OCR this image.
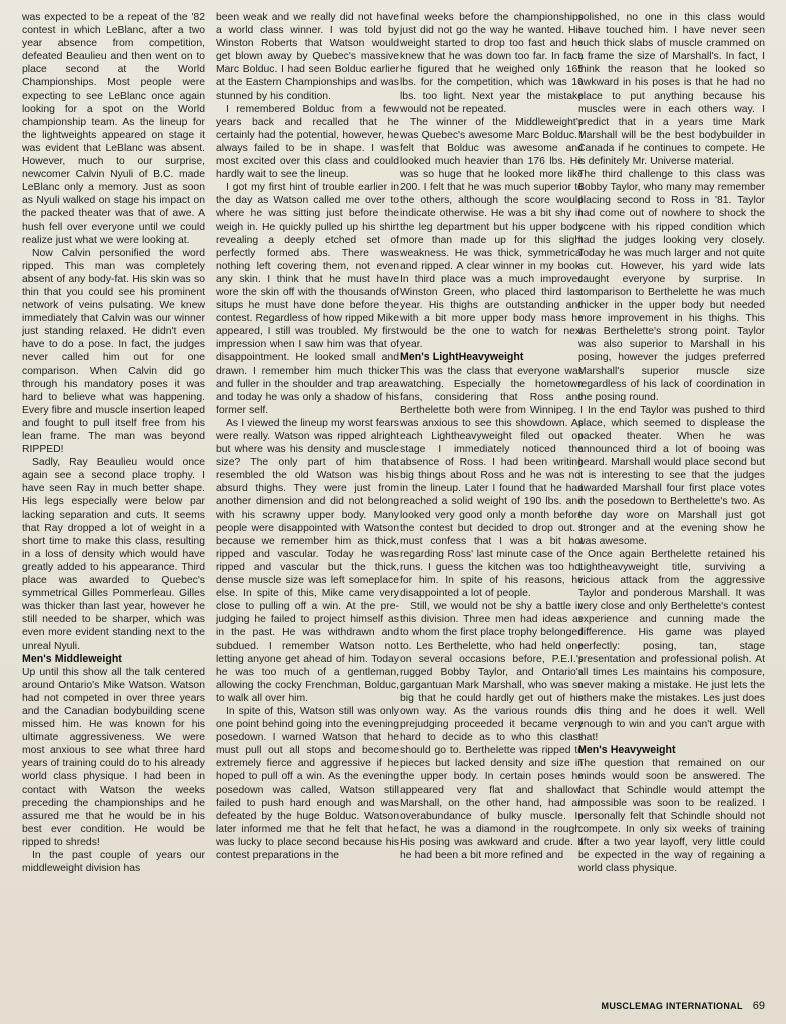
was expected to be a repeat of the '82 contest in which LeBlanc, after a two year absence from competition, defeated Beaulieu and then went on to place second at the World Championships. Most people were expecting to see LeBlanc once again looking for a spot on the World championship team. As the lineup for the lightweights appeared on stage it was evident that LeBlanc was absent. However, much to our surprise, newcomer Calvin Nyuli of B.C. made LeBlanc only a memory. Just as soon as Nyuli walked on stage his impact on the packed theater was that of awe. A hush fell over everyone until we could realize just what we were looking at.

Now Calvin personified the word ripped. This man was completely absent of any body-fat. His skin was so thin that you could see his prominent network of veins pulsating. We knew immediately that Calvin was our winner just standing relaxed. He didn't even have to do a pose. In fact, the judges never called him out for one comparison. When Calvin did go through his mandatory poses it was hard to believe what was happening. Every fibre and muscle insertion leaped and fought to pull itself free from his lean frame. The man was beyond RIPPED!

Sadly, Ray Beaulieu would once again see a second place trophy. I have seen Ray in much better shape. His legs especially were below par lacking separation and cuts. It seems that Ray dropped a lot of weight in a short time to make this class, resulting in a loss of density which would have greatly added to his appearance. Third place was awarded to Quebec's symmetrical Gilles Pommerleau. Gilles was thicker than last year, however he still needed to be sharper, which was even more evident standing next to the unreal Nyuli.

Men's Middleweight

Up until this show all the talk centered around Ontario's Mike Watson. Watson had not competed in over three years and the Canadian bodybuilding scene missed him. He was known for his ultimate aggressiveness. We were most anxious to see what three hard years of training could do to his already world class physique. I had been in contact with Watson the weeks preceding the championships and he assured me that he would be in his best ever condition. He would be ripped to shreds!

In the past couple of years our middleweight division has

been weak and we really did not have a world class winner. I was told by Winston Roberts that Watson would get blown away by Quebec's massive Marc Bolduc. I had seen Bolduc earlier at the Eastern Championships and was stunned by his condition.

I remembered Bolduc from a few years back and recalled that he certainly had the potential, however, he always failed to be in shape. I was most excited over this class and could hardly wait to see the lineup.

I got my first hint of trouble earlier in the day as Watson called me over to where he was sitting just before the weigh in. He quickly pulled up his shirt revealing a deeply etched set of perfectly formed abs. There was nothing left covering them, not even any skin. I think that he must have wore the skin off with the thousands of situps he must have done before the contest. Regardless of how ripped Mike appeared, I still was troubled. My first impression when I saw him was that of disappointment. He looked small and drawn. I remember him much thicker and fuller in the shoulder and trap area and today he was only a shadow of his former self.

As I viewed the lineup my worst fears were really. Watson was ripped alright but where was his density and muscle size? The only part of him that resembled the old Watson was his absurd thighs. They were just from another dimension and did not belong with his scrawny upper body. Many people were disappointed with Watson because we remember him as thick, ripped and vascular. Today he was ripped and vascular but the thick, dense muscle size was left someplace else. In spite of this, Mike came very close to pulling off a win. At the pre-judging he failed to project himself as in the past. He was withdrawn and subdued. I remember Watson not letting anyone get ahead of him. Today he was too much of a gentleman, allowing the cocky Frenchman, Bolduc, to walk all over him.

In spite of this, Watson still was only one point behind going into the evening posedown. I warned Watson that he must pull out all stops and become extremely fierce and aggressive if he hoped to pull off a win. As the evening posedown was called, Watson still failed to push hard enough and was defeated by the huge Bolduc. Watson later informed me that he felt that he was lucky to place second because his contest preparations in the

final weeks before the championships just did not go the way he wanted. His weight started to drop too fast and he knew that he was down too far. In fact, he figured that he weighed only 165 lbs. for the competition, which was 10 lbs. too light. Next year the mistake would not be repeated.

The winner of the Middleweight's was Quebec's awesome Marc Bolduc. I felt that Bolduc was awesome and looked much heavier than 176 lbs. He was so huge that he looked more like 200. I felt that he was much superior to the others, although the score would indicate otherwise. He was a bit shy in the leg department but his upper body more than made up for this slight weakness. He was thick, symmetrical and ripped. A clear winner in my book. In third place was a much improved Winston Green, who placed third last year. His thighs are outstanding and with a bit more upper body mass he would be the one to watch for next year.

Men's LightHeavyweight

This was the class that everyone was watching. Especially the hometown fans, considering that Ross and Berthelette both were from Winnipeg. I was anxious to see this showdown. As each Lightheavyweight filed out on stage I immediately noticed the absence of Ross. I had been writing big things about Ross and he was not in the lineup. Later I found that he had reached a solid weight of 190 lbs. and looked very good only a month before the contest but decided to drop out. I must confess that I was a bit hot regarding Ross' last minute case of the runs. I guess the kitchen was too hot for him. In spite of his reasons, he disappointed a lot of people.

Still, we would not be shy a battle in this division. Three men had ideas as to whom the first place trophy belonged to. Les Berthelette, who had held one on several occasions before, P.E.I.'s rugged Bobby Taylor, and Ontario's gargantuan Mark Marshall, who was so big that he could hardly get out of his own way. As the various rounds of prejudging proceeded it became very hard to decide as to who this class should go to. Berthelette was ripped to pieces but lacked density and size in the upper body. In certain poses he appeared very flat and shallow. Marshall, on the other hand, had an overabundance of bulky muscle. In fact, he was a diamond in the rough. His posing was awkward and crude. If he had been a bit more refined and

polished, no one in this class would have touched him. I have never seen such thick slabs of muscle crammed on a frame the size of Marshall's. In fact, I think the reason that he looked so awkward in his poses is that he had no place to put anything because his muscles were in each others way. I predict that in a years time Mark Marshall will be the best bodybuilder in Canada if he continues to compete. He is definitely Mr. Universe material.

The third challenge to this class was Bobby Taylor, who many may remember placing second to Ross in '81. Taylor had come out of nowhere to shock the scene with his ripped condition which had the judges looking very closely. Today he was much larger and not quite as cut. However, his yard wide lats caught everyone by surprise. In comparison to Berthelette he was much thicker in the upper body but needed more improvement in his thighs. This was Berthelette's strong point. Taylor was also superior to Marshall in his posing, however the judges preferred Marshall's superior muscle size regardless of his lack of coordination in the posing round.

In the end Taylor was pushed to third place, which seemed to displease the packed theater. When he was announced third a lot of booing was heard. Marshall would place second but it is interesting to see that the judges awarded Marshall four first place votes in the posedown to Berthelette's two. As the day wore on Marshall just got stronger and at the evening show he was awesome.

Once again Berthelette retained his Lightheavyweight title, surviving a vicious attack from the aggressive Taylor and ponderous Marshall. It was very close and only Berthelette's contest experience and cunning made the difference. His game was played perfectly: posing, tan, stage presentation and professional polish. At all times Les maintains his composure, never making a mistake. He just lets the others make the mistakes. Les just does his thing and he does it well. Well enough to win and you can't argue with that!

Men's Heavyweight

The question that remained on our minds would soon be answered. The fact that Schindle would attempt the impossible was soon to be realized. I personally felt that Schindle should not compete. In only six weeks of training after a two year layoff, very little could be expected in the way of regaining a world class physique.

MUSCLEMAG INTERNATIONAL 69
